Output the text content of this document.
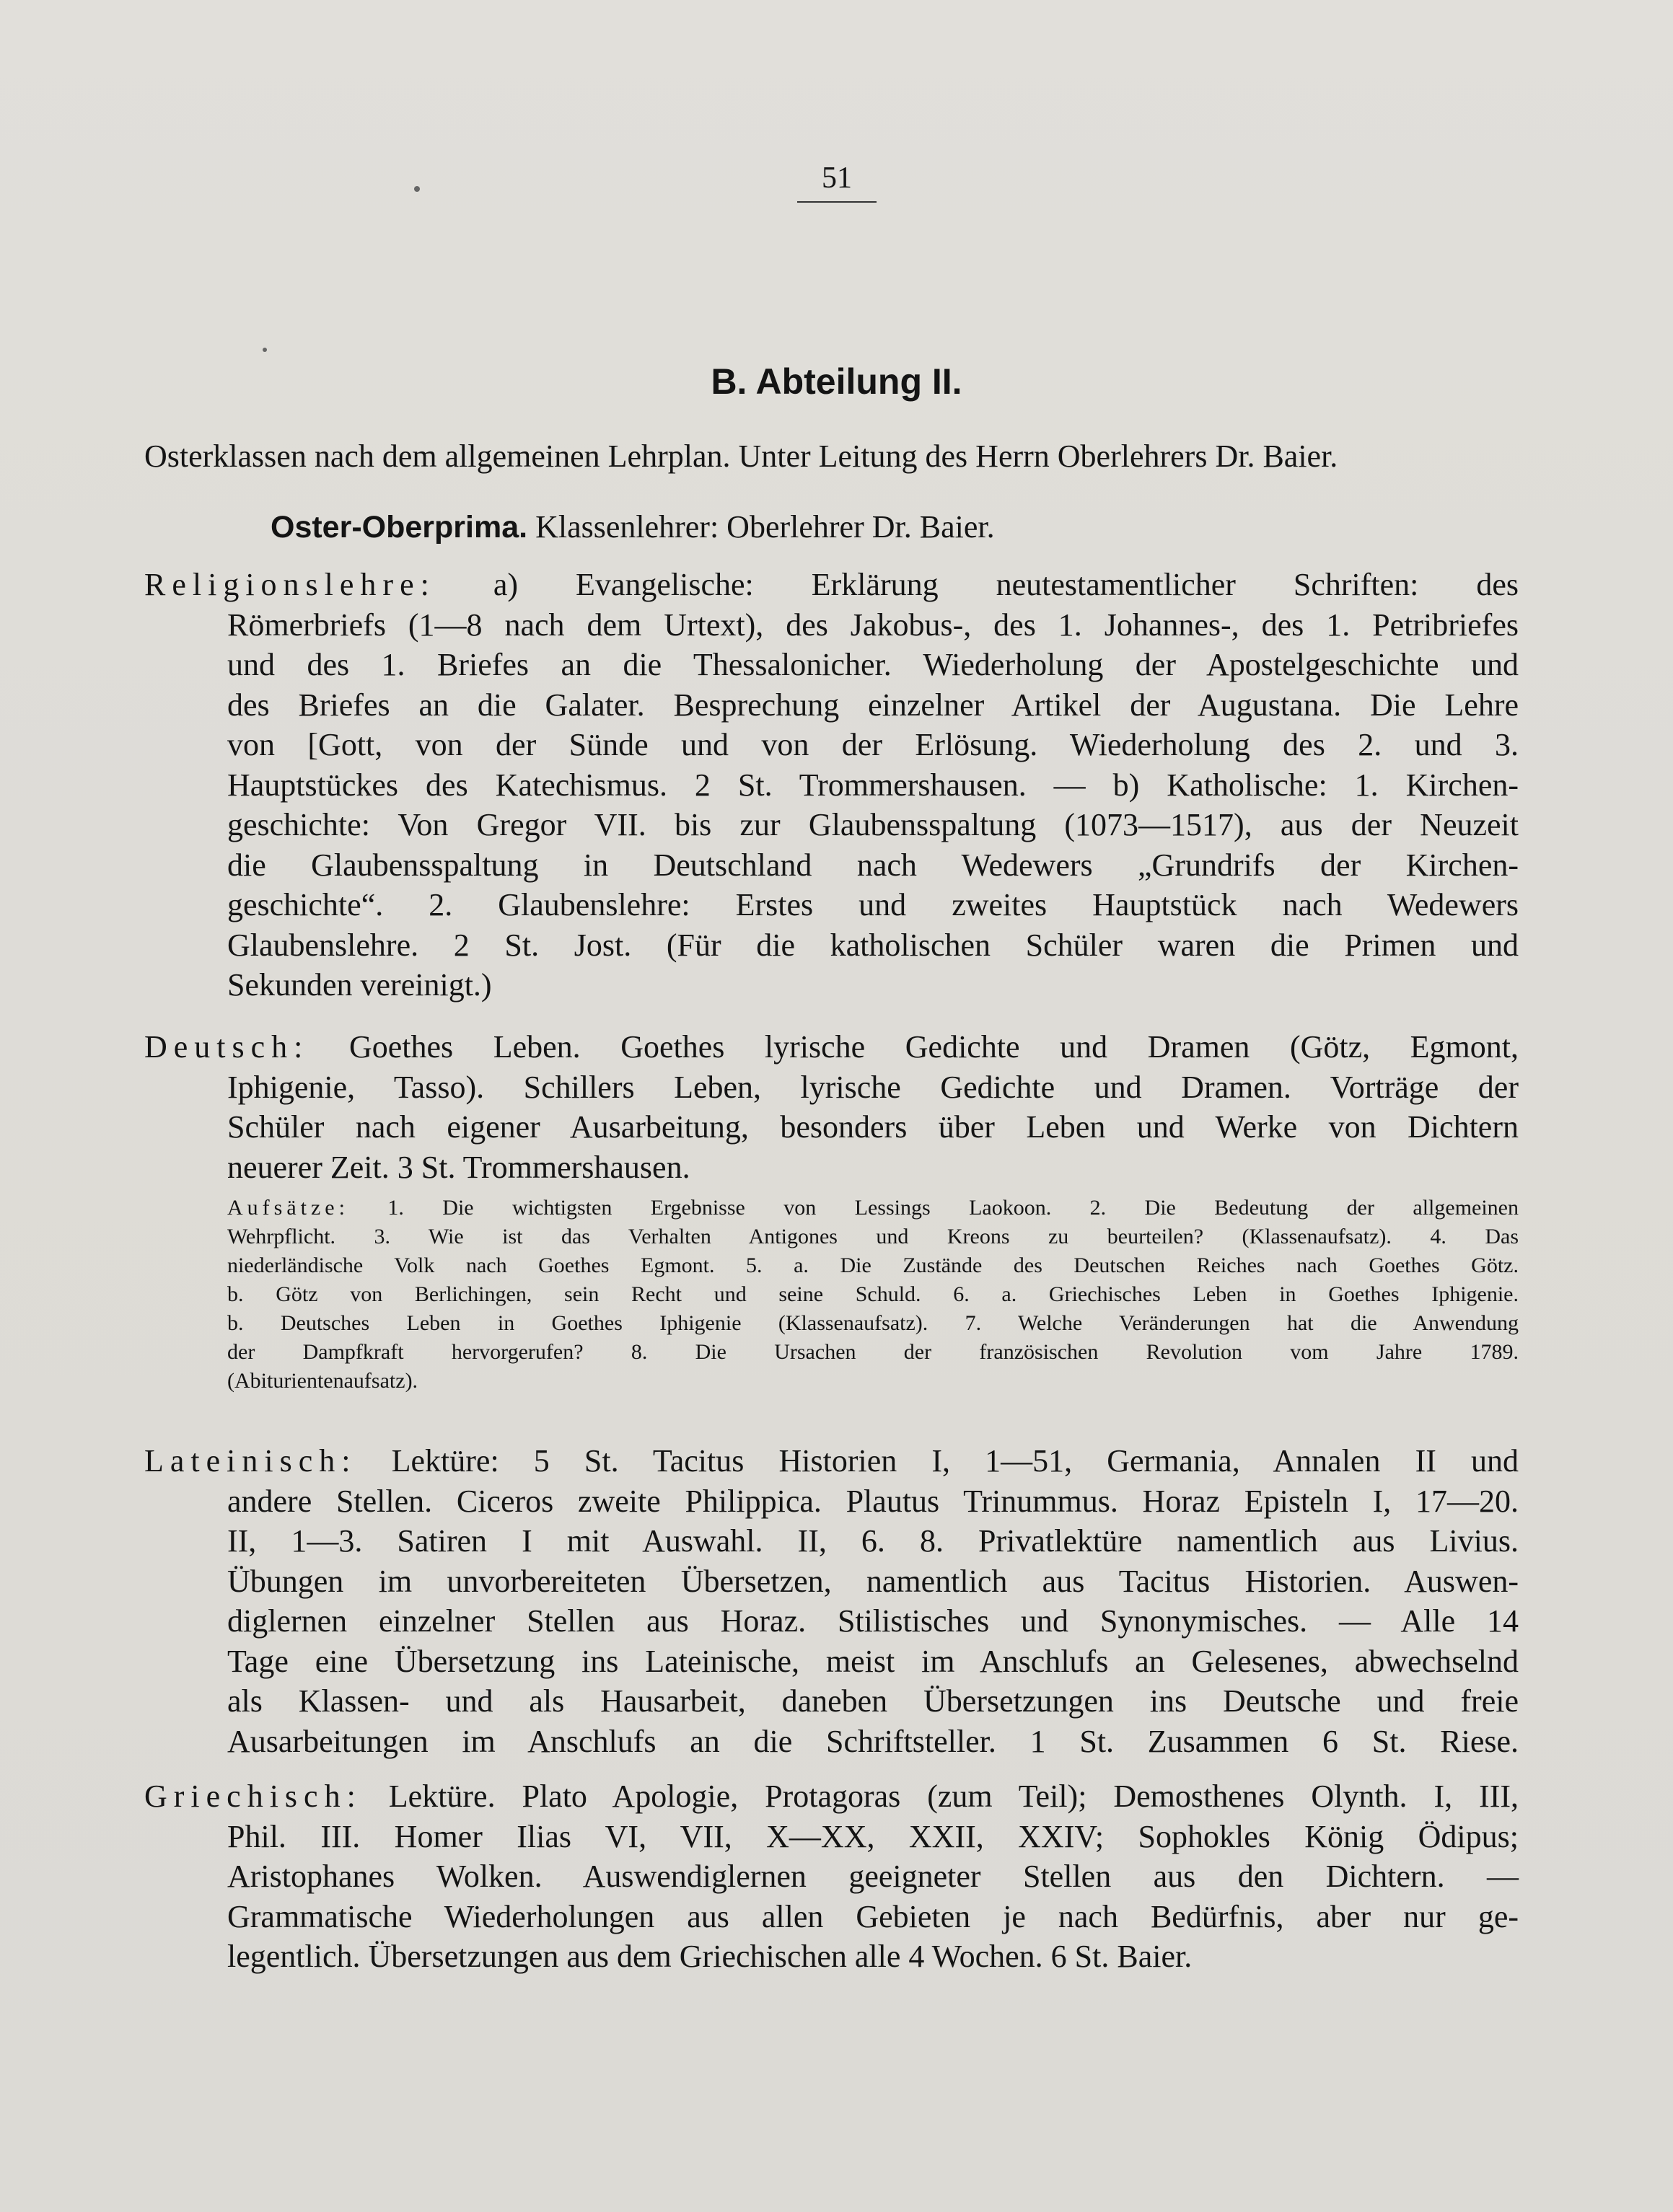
51
B. Abteilung II.
Osterklassen nach dem allgemeinen Lehrplan. Unter Leitung des Herrn Oberlehrers Dr. Baier.
Oster-Oberprima. Klassenlehrer: Oberlehrer Dr. Baier.
Religionslehre: a) Evangelische: Erklärung neutestamentlicher Schriften: des
Römerbriefs (1—8 nach dem Urtext), des Jakobus-, des 1. Johannes-, des 1. Petribriefes
und des 1. Briefes an die Thessalonicher. Wiederholung der Apostelgeschichte und
des Briefes an die Galater. Besprechung einzelner Artikel der Augustana. Die Lehre
von [Gott, von der Sünde und von der Erlösung. Wiederholung des 2. und 3.
Hauptstückes des Katechismus. 2 St. Trommershausen. — b) Katholische: 1. Kirchen-
geschichte: Von Gregor VII. bis zur Glaubensspaltung (1073—1517), aus der Neuzeit
die Glaubensspaltung in Deutschland nach Wedewers „Grundrifs der Kirchen-
geschichte“. 2. Glaubenslehre: Erstes und zweites Hauptstück nach Wedewers
Glaubenslehre. 2 St. Jost. (Für die katholischen Schüler waren die Primen und
Sekunden vereinigt.)
Deutsch: Goethes Leben. Goethes lyrische Gedichte und Dramen (Götz, Egmont,
Iphigenie, Tasso). Schillers Leben, lyrische Gedichte und Dramen. Vorträge der
Schüler nach eigener Ausarbeitung, besonders über Leben und Werke von Dichtern
neuerer Zeit. 3 St. Trommershausen.
Aufsätze: 1. Die wichtigsten Ergebnisse von Lessings Laokoon. 2. Die Bedeutung der allgemeinen
Wehrpflicht. 3. Wie ist das Verhalten Antigones und Kreons zu beurteilen? (Klassenaufsatz). 4. Das
niederländische Volk nach Goethes Egmont. 5. a. Die Zustände des Deutschen Reiches nach Goethes Götz.
b. Götz von Berlichingen, sein Recht und seine Schuld. 6. a. Griechisches Leben in Goethes Iphigenie.
b. Deutsches Leben in Goethes Iphigenie (Klassenaufsatz). 7. Welche Veränderungen hat die Anwendung
der Dampfkraft hervorgerufen? 8. Die Ursachen der französischen Revolution vom Jahre 1789.
(Abiturientenaufsatz).
Lateinisch: Lektüre: 5 St. Tacitus Historien I, 1—51, Germania, Annalen II und
andere Stellen. Ciceros zweite Philippica. Plautus Trinummus. Horaz Episteln I, 17—20.
II, 1—3. Satiren I mit Auswahl. II, 6. 8. Privatlektüre namentlich aus Livius.
Übungen im unvorbereiteten Übersetzen, namentlich aus Tacitus Historien. Auswen-
diglernen einzelner Stellen aus Horaz. Stilistisches und Synonymisches. — Alle 14
Tage eine Übersetzung ins Lateinische, meist im Anschlufs an Gelesenes, abwechselnd
als Klassen- und als Hausarbeit, daneben Übersetzungen ins Deutsche und freie
Ausarbeitungen im Anschlufs an die Schriftsteller. 1 St. Zusammen 6 St. Riese.
Griechisch: Lektüre. Plato Apologie, Protagoras (zum Teil); Demosthenes Olynth. I, III,
Phil. III. Homer Ilias VI, VII, X—XX, XXII, XXIV; Sophokles König Ödipus;
Aristophanes Wolken. Auswendiglernen geeigneter Stellen aus den Dichtern. —
Grammatische Wiederholungen aus allen Gebieten je nach Bedürfnis, aber nur ge-
legentlich. Übersetzungen aus dem Griechischen alle 4 Wochen. 6 St. Baier.
